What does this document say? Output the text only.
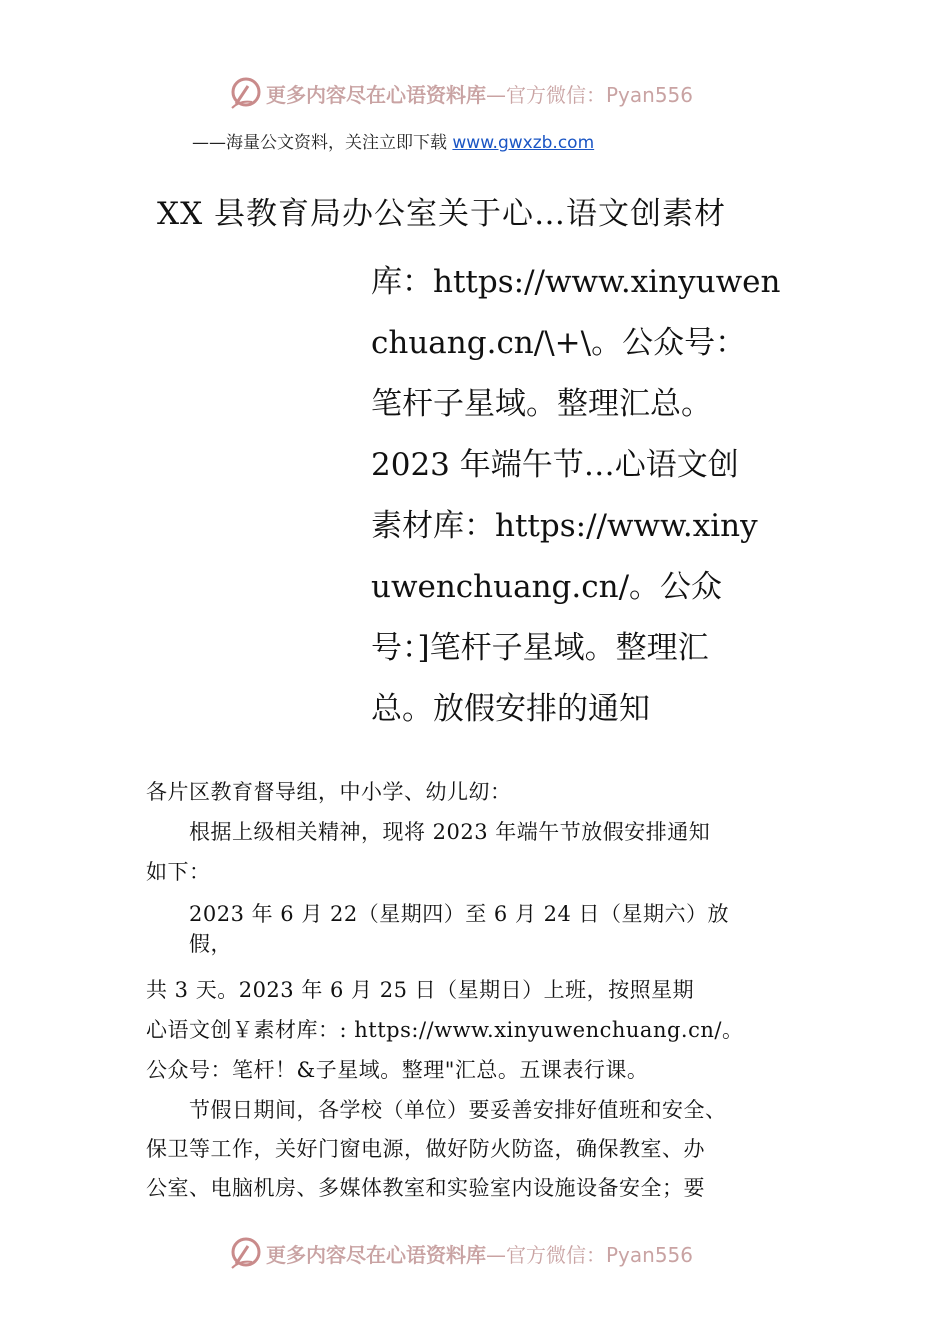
更多内容尽在心语资料库 —官方微信：Pyan556
——海量公文资料，关注立即下载 www.gwxzb.com
XX 县教育局办公室关于心…语文创素材
库：https://www.xinyuwen
chuang.cn/\+\。公众号：
笔杆子星域。整理汇总。
2023 年端午节…心语文创
素材库：https://www.xiny
uwenchuang.cn/。公众
号：]笔杆子星域。整理汇
总。放假安排的通知
各片区教育督导组，中小学、幼儿㓜：
　　根据上级相关精神，现将 2023 年端午节放假安排通知
如下：
　　2023 年 6 月 22（星期四）至 6 月 24 日（星期六）放
　　假，
共 3 天。2023 年 6 月 25 日（星期日）上班，按照星期
心语文创￥素材库：: https://www.xinyuwenchuang.cn/。
公众号：笔杆！&子星域。整理"汇总。五课表行课。
　　节假日期间，各学校（单位）要妥善安排好值班和安全、
保卫等工作，关好门窗电源，做好防火防盗，确保教室、办
公室、电脑机房、多媒体教室和实验室内设施设备安全；要
更多内容尽在心语资料库 —官方微信：Pyan556
